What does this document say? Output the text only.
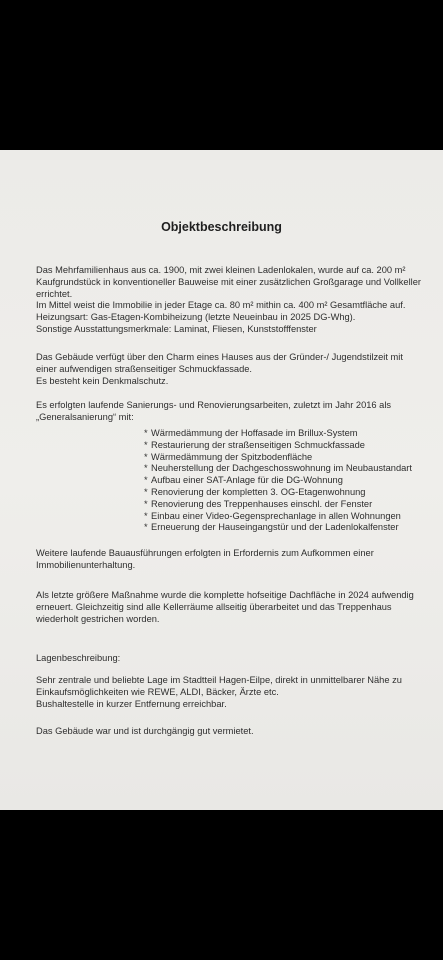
Objektbeschreibung
Das Mehrfamilienhaus aus ca. 1900, mit zwei kleinen Ladenlokalen, wurde auf ca. 200 m²
Kaufgrundstück in konventioneller Bauweise mit einer zusätzlichen Großgarage und Vollkeller
errichtet.
Im Mittel weist die Immobilie in jeder Etage ca. 80 m² mithin ca. 400 m² Gesamtfläche auf.
Heizungsart: Gas-Etagen-Kombiheizung (letzte Neueinbau in 2025 DG-Whg).
Sonstige Ausstattungsmerkmale: Laminat, Fliesen, Kunststofffenster
Das Gebäude verfügt über den Charm eines Hauses aus der Gründer-/ Jugendstilzeit mit
einer aufwendigen straßenseitiger Schmuckfassade.
Es besteht kein Denkmalschutz.
Es erfolgten laufende Sanierungs- und Renovierungsarbeiten, zuletzt im Jahr 2016 als
„Generalsanierung“ mit:
* Wärmedämmung der Hoffasade im Brillux-System
* Restaurierung der straßenseitigen Schmuckfassade
* Wärmedämmung der Spitzbodenfläche
* Neuherstellung der Dachgeschosswohnung im Neubaustandart
* Aufbau einer SAT-Anlage für die DG-Wohnung
* Renovierung der kompletten 3. OG-Etagenwohnung
* Renovierung des Treppenhauses einschl. der Fenster
* Einbau einer Video-Gegensprechanlage in allen Wohnungen
* Erneuerung der Hauseingangstür und der Ladenlokalfenster
Weitere laufende Bauausführungen erfolgten in Erfordernis zum Aufkommen einer
Immobilienunterhaltung.
Als letzte größere Maßnahme wurde die komplette hofseitige Dachfläche in 2024 aufwendig
erneuert. Gleichzeitig sind alle Kellerräume allseitig überarbeitet und das Treppenhaus
wiederholt gestrichen worden.
Lagenbeschreibung:
Sehr zentrale und beliebte Lage im Stadtteil Hagen-Eilpe, direkt in unmittelbarer Nähe zu
Einkaufsmöglichkeiten wie REWE, ALDI, Bäcker, Ärzte etc.
Bushaltestelle in kurzer Entfernung erreichbar.
Das Gebäude war und ist durchgängig gut vermietet.
